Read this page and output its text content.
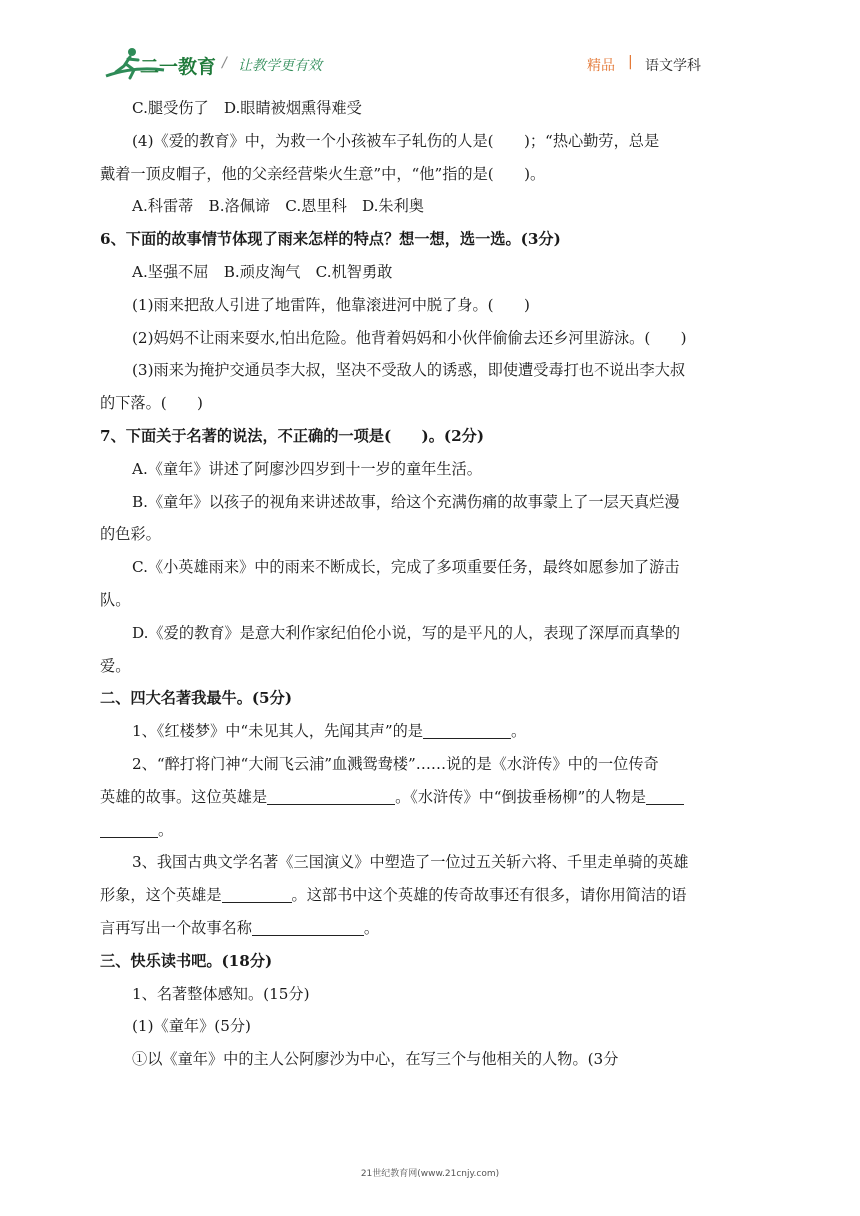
二一教育 / 让教学更有效	精品 | 语文学科

C.腿受伤了　D.眼睛被烟熏得难受

(4)《爱的教育》中，为救一个小孩被车子轧伤的人是(　　)；“热心勤劳，总是

戴着一顶皮帽子，他的父亲经营柴火生意”中，“他”指的是(　　)。

A.科雷蒂　B.洛佩谛　C.恩里科　D.朱利奥

6、下面的故事情节体现了雨来怎样的特点？想一想，选一选。(3分)

A.坚强不屈　B.顽皮淘气　C.机智勇敢

(1)雨来把敌人引进了地雷阵，他靠滚进河中脱了身。(　　)

(2)妈妈不让雨来耍水,怕出危险。他背着妈妈和小伙伴偷偷去还乡河里游泳。(　　)

(3)雨来为掩护交通员李大叔，坚决不受敌人的诱惑，即使遭受毒打也不说出李大叔

的下落。(　　)

7、下面关于名著的说法，不正确的一项是(　　)。(2分)

A.《童年》讲述了阿廖沙四岁到十一岁的童年生活。

B.《童年》以孩子的视角来讲述故事，给这个充满伤痛的故事蒙上了一层天真烂漫

的色彩。

C.《小英雄雨来》中的雨来不断成长，完成了多项重要任务，最终如愿参加了游击

队。

D.《爱的教育》是意大利作家纪伯伦小说，写的是平凡的人，表现了深厚而真挚的

爱。

二、四大名著我最牛。(5分)

1、《红楼梦》中“未见其人，先闻其声”的是	。

2、“醉打将门神“大闹飞云浦”血溅鸳鸯楼”……说的是《水浒传》中的一位传奇

英雄的故事。这位英雄是	。《水浒传》中“倒拔垂杨柳”的人物是

。

3、我国古典文学名著《三国演义》中塑造了一位过五关斩六将、千里走单骑的英雄

形象，这个英雄是	。这部书中这个英雄的传奇故事还有很多，请你用简洁的语

言再写出一个故事名称	。

三、快乐读书吧。(18分)

1、名著整体感知。(15分)

(1)《童年》(5分)

①以《童年》中的主人公阿廖沙为中心，在写三个与他相关的人物。(3分

21世纪教育网(www.21cnjy.com)
